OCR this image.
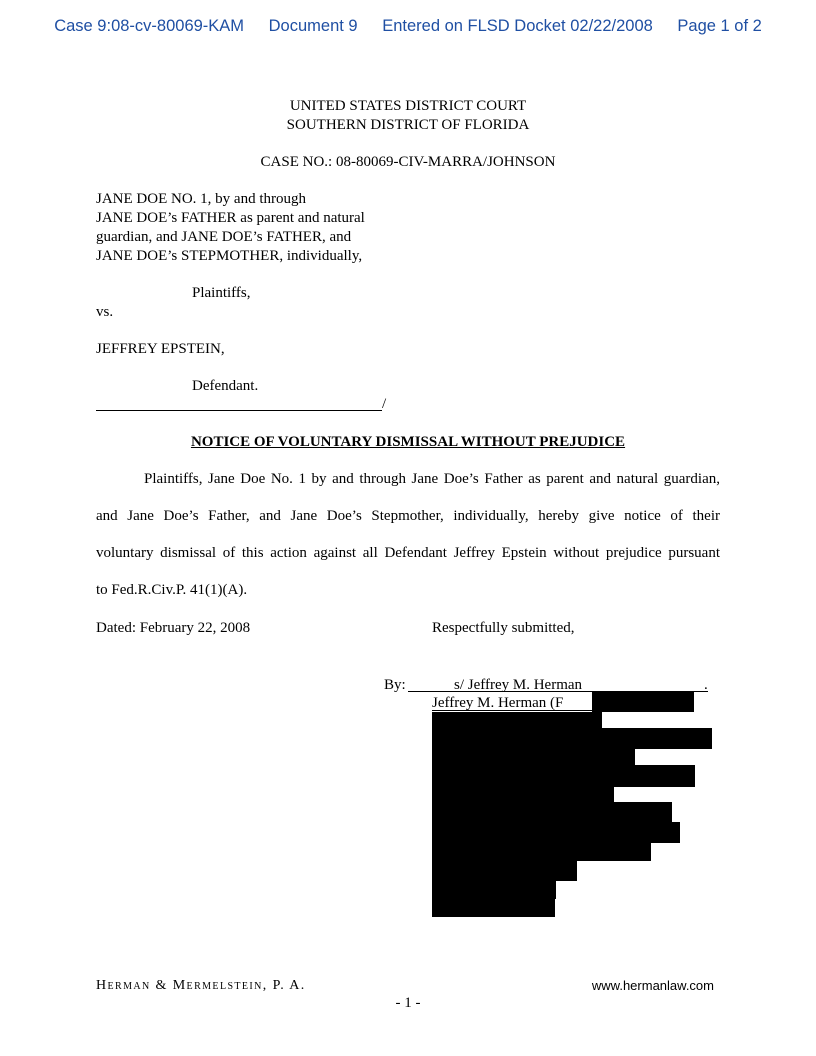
Case 9:08-cv-80069-KAM Document 9 Entered on FLSD Docket 02/22/2008 Page 1 of 2
UNITED STATES DISTRICT COURT
SOUTHERN DISTRICT OF FLORIDA
CASE NO.: 08-80069-CIV-MARRA/JOHNSON
JANE DOE NO. 1, by and through
JANE DOE’s FATHER as parent and natural
guardian, and JANE DOE’s FATHER, and
JANE DOE’s STEPMOTHER, individually,
Plaintiffs,
vs.
JEFFREY EPSTEIN,
Defendant.
/
NOTICE OF VOLUNTARY DISMISSAL WITHOUT PREJUDICE
Plaintiffs, Jane Doe No. 1 by and through Jane Doe’s Father as parent and natural guardian,
and Jane Doe’s Father, and Jane Doe’s Stepmother, individually, hereby give notice of their
voluntary dismissal of this action against all Defendant Jeffrey Epstein without prejudice pursuant
to Fed.R.Civ.P. 41(1)(A).
Dated: February 22, 2008	Respectfully submitted,
By:	s/ Jeffrey M. Herman	.
Jeffrey M. Herman (F
Herman & Mermelstein, P. A.	www.hermanlaw.com
- 1 -
